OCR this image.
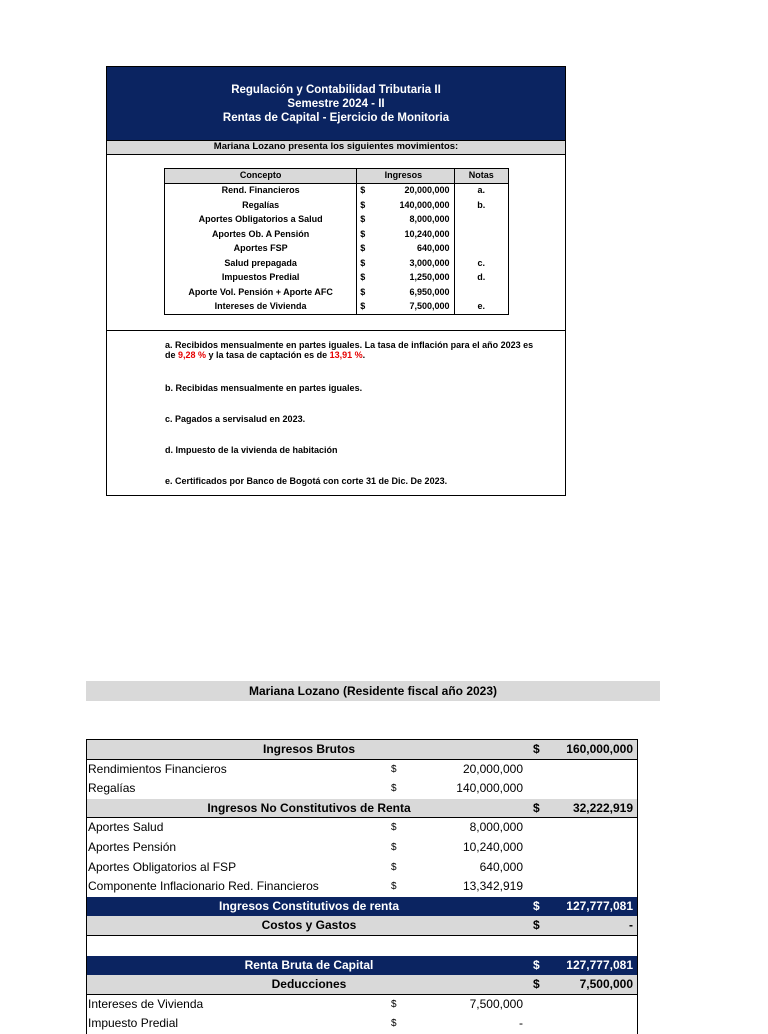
Regulación y Contabilidad Tributaria II
Semestre 2024 - II
Rentas de Capital - Ejercicio de Monitoria
Mariana Lozano presenta los siguientes movimientos:
Concepto	Ingresos		Notas
Rend. Financieros	$	20,000,000	a.
Regalías	$	140,000,000	b.
Aportes Obligatorios a Salud	$	8,000,000	
Aportes Ob. A Pensión	$	10,240,000	
Aportes FSP	$	640,000	
Salud prepagada	$	3,000,000	c.
Impuestos Predial	$	1,250,000	d.
Aporte Vol. Pensión + Aporte AFC	$	6,950,000	
Intereses de Vivienda	$	7,500,000	e.
a. Recibidos mensualmente en partes iguales. La tasa de inflación para el año 2023 es de 9,28 % y la tasa de captación es de 13,91 %.
b. Recibidas mensualmente en partes iguales.
c. Pagados a servisalud en 2023.
d. Impuesto de la vivienda de habitación
e. Certificados por Banco de Bogotá con corte 31 de Dic. De 2023.
Mariana Lozano (Residente fiscal año 2023)
Ingresos Brutos	$ 160,000,000
Rendimientos Financieros	$	20,000,000
Regalías	$	140,000,000
Ingresos No Constitutivos de Renta	$	32,222,919
Aportes Salud	$	8,000,000
Aportes Pensión	$	10,240,000
Aportes Obligatorios al FSP	$	640,000
Componente Inflacionario Red. Financieros	$	13,342,919
Ingresos Constitutivos de renta	$ 127,777,081
Costos y Gastos	$	-
Renta Bruta de Capital	$ 127,777,081
Deducciones	$	7,500,000
Intereses de Vivienda	$	7,500,000
Impuesto Predial	$	-
